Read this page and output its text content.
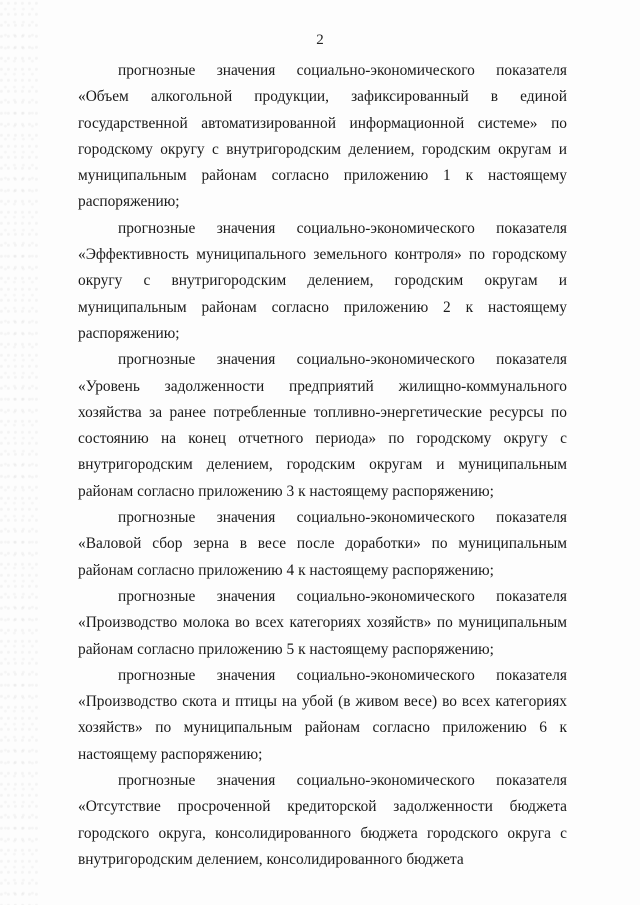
2

прогнозные значения социально-экономического показателя «Объем алкогольной продукции, зафиксированный в единой государственной автоматизированной информационной системе» по городскому округу с внутригородским делением, городским округам и муниципальным районам согласно приложению 1 к настоящему распоряжению;

прогнозные значения социально-экономического показателя «Эффективность муниципального земельного контроля» по городскому округу с внутригородским делением, городским округам и муниципальным районам согласно приложению 2 к настоящему распоряжению;

прогнозные значения социально-экономического показателя «Уровень задолженности предприятий жилищно-коммунального хозяйства за ранее потребленные топливно-энергетические ресурсы по состоянию на конец отчетного периода» по городскому округу с внутригородским делением, городским округам и муниципальным районам согласно приложению 3 к настоящему распоряжению;

прогнозные значения социально-экономического показателя «Валовой сбор зерна в весе после доработки» по муниципальным районам согласно приложению 4 к настоящему распоряжению;

прогнозные значения социально-экономического показателя «Производство молока во всех категориях хозяйств» по муниципальным районам согласно приложению 5 к настоящему распоряжению;

прогнозные значения социально-экономического показателя «Производство скота и птицы на убой (в живом весе) во всех категориях хозяйств» по муниципальным районам согласно приложению 6 к настоящему распоряжению;

прогнозные значения социально-экономического показателя «Отсутствие просроченной кредиторской задолженности бюджета городского округа, консолидированного бюджета городского округа с внутригородским делением, консолидированного бюджета
